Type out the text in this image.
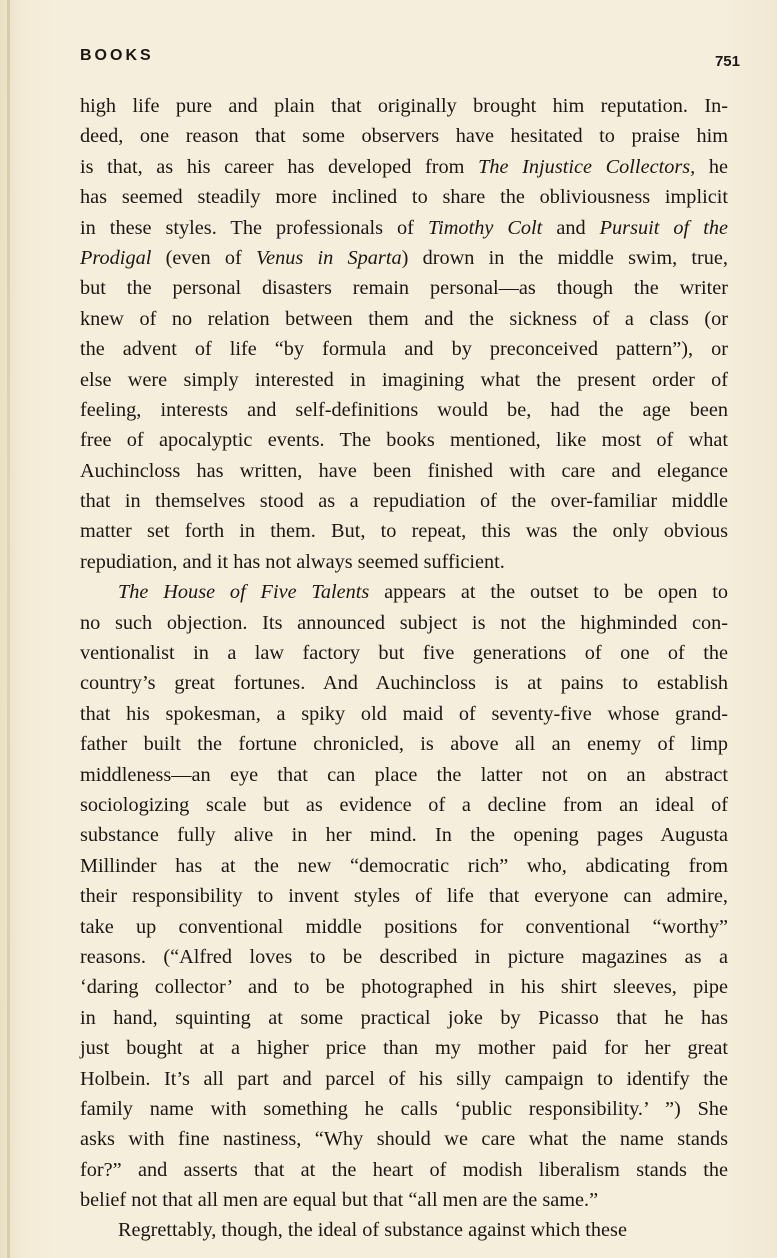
BOOKS	751
high life pure and plain that originally brought him reputation. In-
deed, one reason that some observers have hesitated to praise him
is that, as his career has developed from The Injustice Collectors, he
has seemed steadily more inclined to share the obliviousness implicit
in these styles. The professionals of Timothy Colt and Pursuit of the
Prodigal (even of Venus in Sparta) drown in the middle swim, true,
but the personal disasters remain personal—as though the writer
knew of no relation between them and the sickness of a class (or
the advent of life “by formula and by preconceived pattern”), or
else were simply interested in imagining what the present order of
feeling, interests and self-definitions would be, had the age been
free of apocalyptic events. The books mentioned, like most of what
Auchincloss has written, have been finished with care and elegance
that in themselves stood as a repudiation of the over-familiar middle
matter set forth in them. But, to repeat, this was the only obvious
repudiation, and it has not always seemed sufficient.
The House of Five Talents appears at the outset to be open to
no such objection. Its announced subject is not the highminded con-
ventionalist in a law factory but five generations of one of the
country’s great fortunes. And Auchincloss is at pains to establish
that his spokesman, a spiky old maid of seventy-five whose grand-
father built the fortune chronicled, is above all an enemy of limp
middleness—an eye that can place the latter not on an abstract
sociologizing scale but as evidence of a decline from an ideal of
substance fully alive in her mind. In the opening pages Augusta
Millinder has at the new “democratic rich” who, abdicating from
their responsibility to invent styles of life that everyone can admire,
take up conventional middle positions for conventional “worthy”
reasons. (“Alfred loves to be described in picture magazines as a
‘daring collector’ and to be photographed in his shirt sleeves, pipe
in hand, squinting at some practical joke by Picasso that he has
just bought at a higher price than my mother paid for her great
Holbein. It’s all part and parcel of his silly campaign to identify the
family name with something he calls ‘public responsibility.’ ”) She
asks with fine nastiness, “Why should we care what the name stands
for?” and asserts that at the heart of modish liberalism stands the
belief not that all men are equal but that “all men are the same.”
Regrettably, though, the ideal of substance against which these
